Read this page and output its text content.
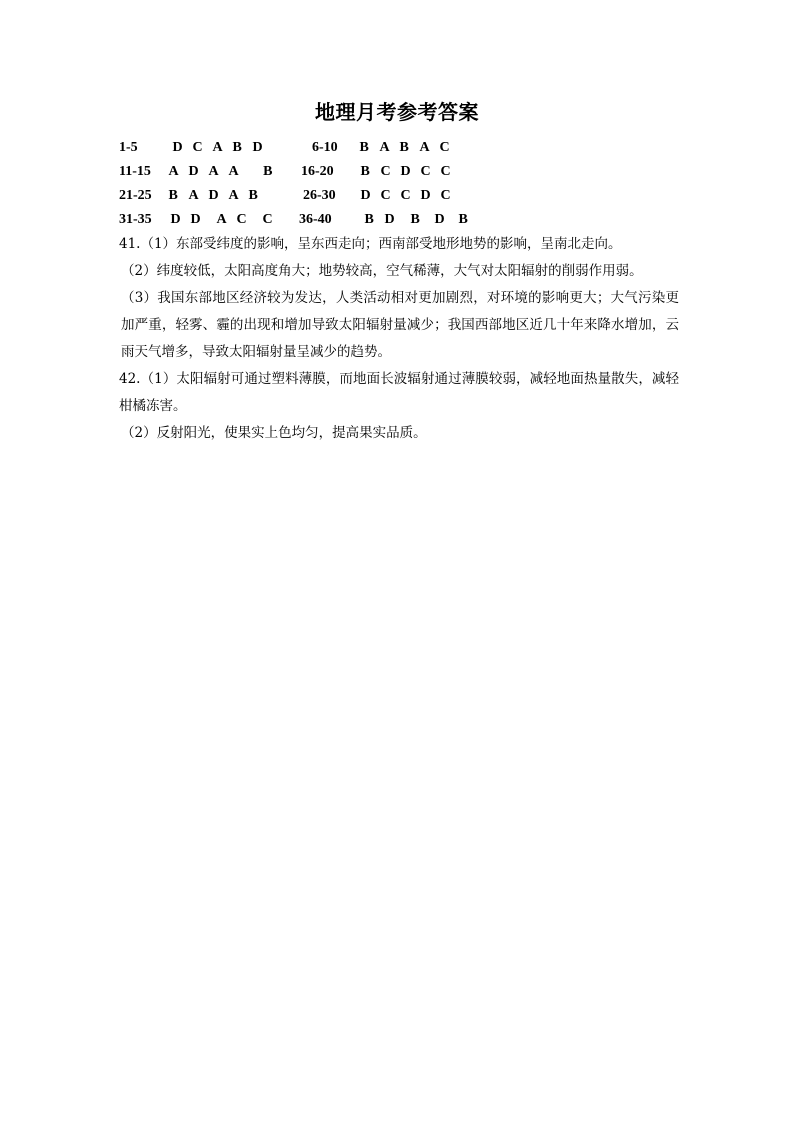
地理月考参考答案
1-5 D C A B D	6-10 B A B A C
11-15 A D A A B 16-20 B C D C C
21-25 B A D A B	26-30 D C C D C
31-35 D D A C C	36-40 B D B D B

41.（1）东部受纬度的影响，呈东西走向；西南部受地形地势的影响，呈南北走向。

（2）纬度较低，太阳高度角大；地势较高，空气稀薄，大气对太阳辐射的削弱作用弱。

（3）我国东部地区经济较为发达，人类活动相对更加剧烈，对环境的影响更大；大气污染更加严重，轻雾、霾的出现和增加导致太阳辐射量减少；我国西部地区近几十年来降水增加，云雨天气增多，导致太阳辐射量呈减少的趋势。

42.（1）太阳辐射可通过塑料薄膜，而地面长波辐射通过薄膜较弱，减轻地面热量散失，减轻柑橘冻害。

（2）反射阳光，使果实上色均匀，提高果实品质。
